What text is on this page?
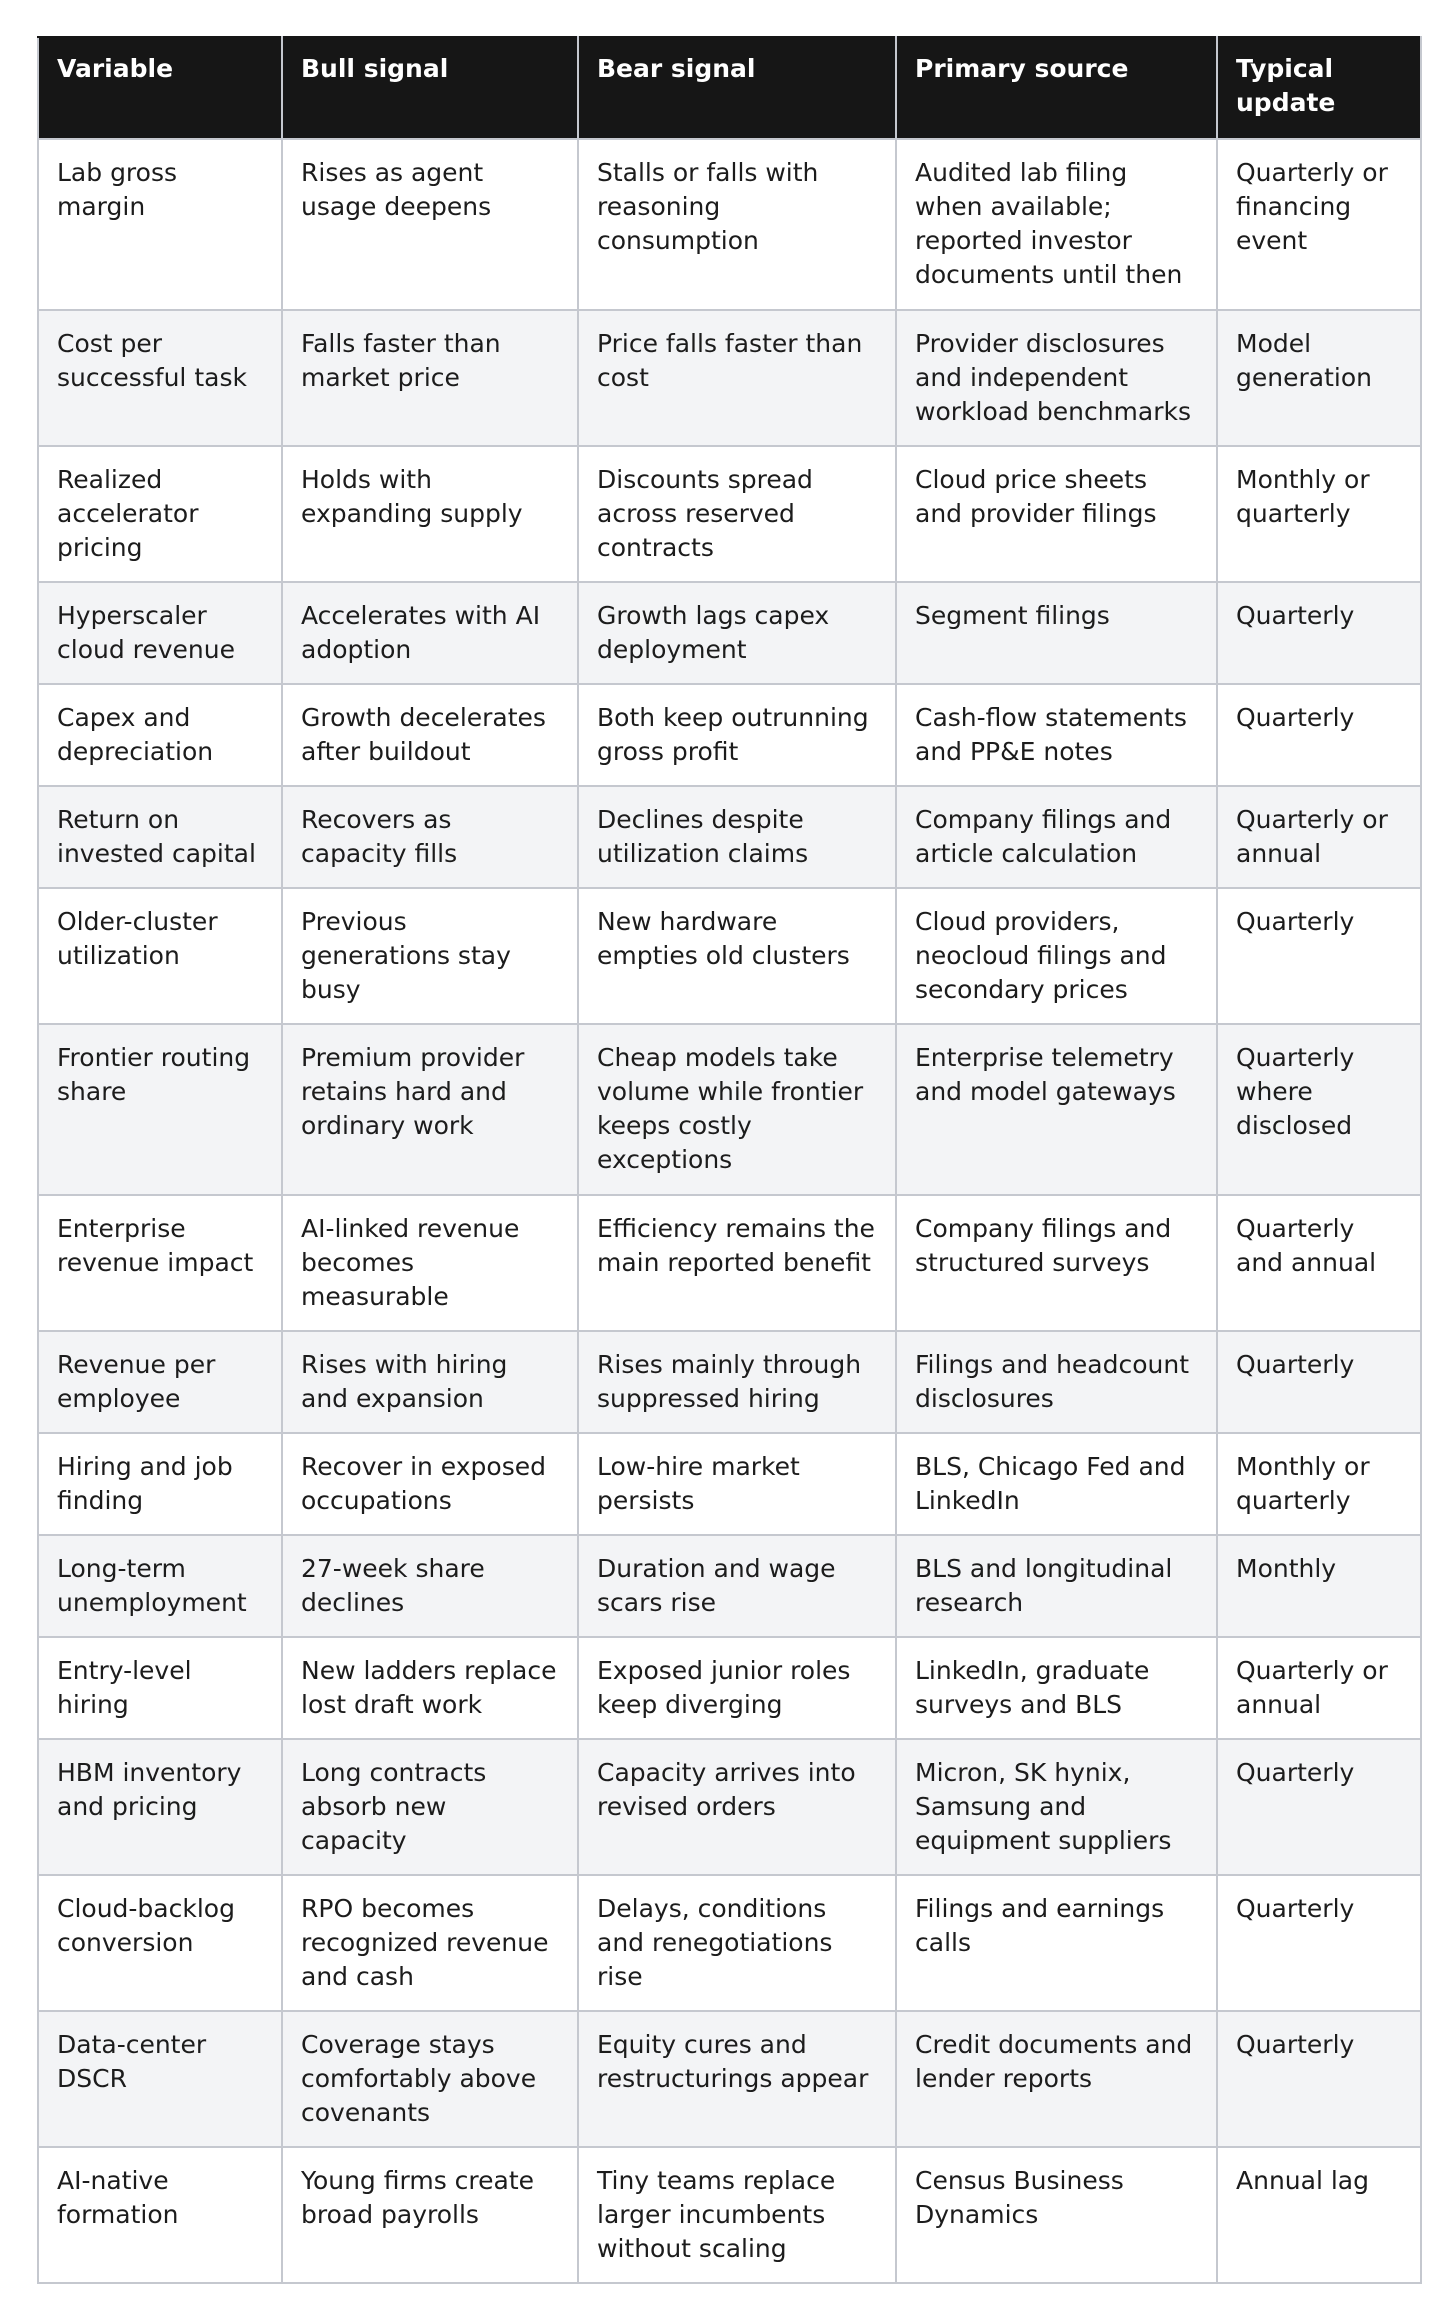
Variable	Bull signal	Bear signal	Primary source	Typical update
Lab gross margin	Rises as agent usage deepens	Stalls or falls with reasoning consumption	Audited lab filing when available; reported investor documents until then	Quarterly or financing event
Cost per successful task	Falls faster than market price	Price falls faster than cost	Provider disclosures and independent workload benchmarks	Model generation
Realized accelerator pricing	Holds with expanding supply	Discounts spread across reserved contracts	Cloud price sheets and provider filings	Monthly or quarterly
Hyperscaler cloud revenue	Accelerates with AI adoption	Growth lags capex deployment	Segment filings	Quarterly
Capex and depreciation	Growth decelerates after buildout	Both keep outrunning gross profit	Cash-flow statements and PP&E notes	Quarterly
Return on invested capital	Recovers as capacity fills	Declines despite utilization claims	Company filings and article calculation	Quarterly or annual
Older-cluster utilization	Previous generations stay busy	New hardware empties old clusters	Cloud providers, neocloud filings and secondary prices	Quarterly
Frontier routing share	Premium provider retains hard and ordinary work	Cheap models take volume while frontier keeps costly exceptions	Enterprise telemetry and model gateways	Quarterly where disclosed
Enterprise revenue impact	AI-linked revenue becomes measurable	Efficiency remains the main reported benefit	Company filings and structured surveys	Quarterly and annual
Revenue per employee	Rises with hiring and expansion	Rises mainly through suppressed hiring	Filings and headcount disclosures	Quarterly
Hiring and job finding	Recover in exposed occupations	Low-hire market persists	BLS, Chicago Fed and LinkedIn	Monthly or quarterly
Long-term unemployment	27-week share declines	Duration and wage scars rise	BLS and longitudinal research	Monthly
Entry-level hiring	New ladders replace lost draft work	Exposed junior roles keep diverging	LinkedIn, graduate surveys and BLS	Quarterly or annual
HBM inventory and pricing	Long contracts absorb new capacity	Capacity arrives into revised orders	Micron, SK hynix, Samsung and equipment suppliers	Quarterly
Cloud-backlog conversion	RPO becomes recognized revenue and cash	Delays, conditions and renegotiations rise	Filings and earnings calls	Quarterly
Data-center DSCR	Coverage stays comfortably above covenants	Equity cures and restructurings appear	Credit documents and lender reports	Quarterly
AI-native formation	Young firms create broad payrolls	Tiny teams replace larger incumbents without scaling	Census Business Dynamics	Annual lag
